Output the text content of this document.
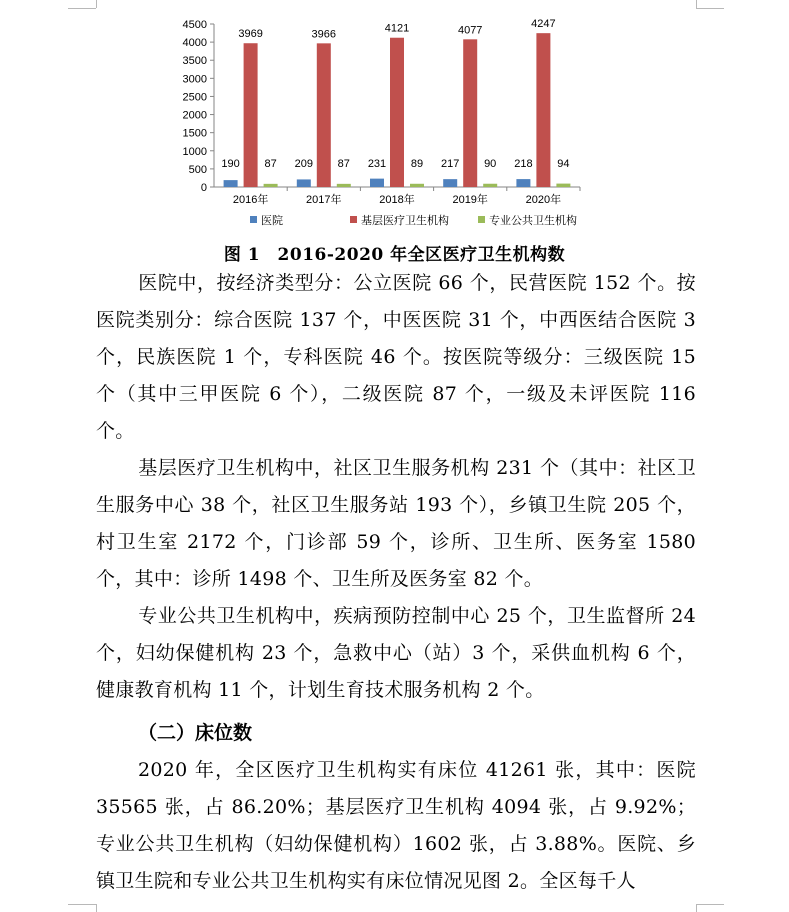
0
500
1000
1500
2000
2500
3000
3500
4000
4500
2016年
190
3969
87
2017年
209
3966
87
2018年
231
4121
89
2019年
217
4077
90
2020年
218
4247
94
医院	基层医疗卫生机构	专业公共卫生机构
图 1　2016-2020 年全区医疗卫生机构数
医院中，按经济类型分：公立医院 66 个，民营医院 152 个。按医院类别分：综合医院 137 个，中医医院 31 个，中西医结合医院 3 个，民族医院 1 个，专科医院 46 个。按医院等级分：三级医院 15 个（其中三甲医院 6 个），二级医院 87 个，一级及未评医院 116 个。
基层医疗卫生机构中，社区卫生服务机构 231 个（其中：社区卫生服务中心 38 个，社区卫生服务站 193 个），乡镇卫生院 205 个，村卫生室 2172 个，门诊部 59 个，诊所、卫生所、医务室 1580 个，其中：诊所 1498 个、卫生所及医务室 82 个。
专业公共卫生机构中，疾病预防控制中心 25 个，卫生监督所 24 个，妇幼保健机构 23 个，急救中心（站）3 个，采供血机构 6 个，健康教育机构 11 个，计划生育技术服务机构 2 个。
（二）床位数
2020 年，全区医疗卫生机构实有床位 41261 张，其中：医院 35565 张，占 86.20%；基层医疗卫生机构 4094 张，占 9.92%；专业公共卫生机构（妇幼保健机构）1602 张，占 3.88%。医院、乡镇卫生院和专业公共卫生机构实有床位情况见图 2。全区每千人
